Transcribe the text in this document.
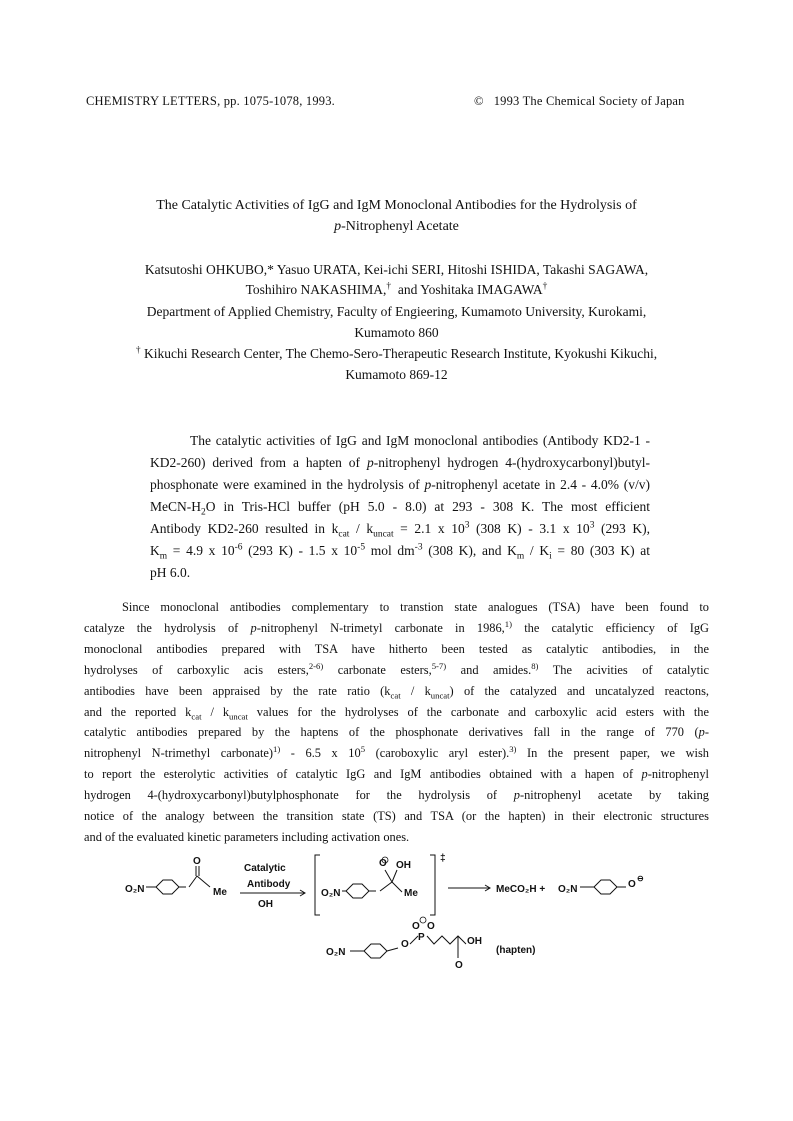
CHEMISTRY LETTERS, pp. 1075-1078, 1993.	© 1993 The Chemical Society of Japan
The Catalytic Activities of IgG and IgM Monoclonal Antibodies for the Hydrolysis of
p-Nitrophenyl Acetate
Katsutoshi OHKUBO,* Yasuo URATA, Kei-ichi SERI, Hitoshi ISHIDA, Takashi SAGAWA,
Toshihiro NAKASHIMA,† and Yoshitaka IMAGAWA†
Department of Applied Chemistry, Faculty of Engieering, Kumamoto University, Kurokami,
Kumamoto 860
† Kikuchi Research Center, The Chemo-Sero-Therapeutic Research Institute, Kyokushi Kikuchi,
Kumamoto 869-12
The catalytic activities of IgG and IgM monoclonal antibodies (Antibody KD2-1 -
KD2-260) derived from a hapten of p-nitrophenyl hydrogen 4-(hydroxycarbonyl)butyl-
phosphonate were examined in the hydrolysis of p-nitrophenyl acetate in 2.4 - 4.0% (v/v)
MeCN-$H_2O$ in Tris-HCl buffer (pH 5.0 - 8.0) at 293 - 308 K. The most efficient
Antibody KD2-260 resulted in $k_{cat} / k_{uncat} = 2.1$ x $10^3$ (308 K) - 3.1 x $10^3$ (293 K),
$K_m = 4.9$ x $10^{-6}$ (293 K) - 1.5 x $10^{-5}$ mol $dm^{-3}$ (308 K), and $K_m / K_i = 80$ (303 K) at
pH 6.0.
Since monoclonal antibodies complementary to transtion state analogues (TSA) have been found to
catalyze the hydrolysis of p-nitrophenyl N-trimetyl carbonate in 1986,$^{1)}$ the catalytic efficiency of IgG
monoclonal antibodies prepared with TSA have hitherto been tested as catalytic antibodies, in the
hydrolyses of carboxylic acis esters,$^{2-6)}$ carbonate esters,$^{5-7)}$ and amides.$^{8)}$ The acivities of catalytic
antibodies have been appraised by the rate ratio $(k_{cat} / k_{uncat})$ of the catalyzed and uncatalyzed reactons,
and the reported $k_{cat} / k_{uncat}$ values for the hydrolyses of the carbonate and carboxylic acid esters with the
catalytic antibodies prepared by the haptens of the phosphonate derivatives fall in the range of 770 (p-
nitrophenyl N-trimethyl carbonate)$^{1)}$ - 6.5 x $10^5$ (caroboxylic aryl ester).$^{3)}$ In the present paper, we wish
to report the esterolytic activities of catalytic IgG and IgM antibodies obtained with a hapen of p-nitrophenyl
hydrogen 4-(hydroxycarbonyl)butylphosphonate for the hydrolysis of p-nitrophenyl acetate by taking
notice of the analogy between the transition state (TS) and TSA (or the hapten) in their electronic structures
and of the evaluated kinetic parameters including activation ones.
O₂N
O
Me
Catalytic
Antibody
OH
O OH
O₂N	Me
‡
MeCO₂H + O₂N	O
⊖
O₂N
O
P
O O
OH
O
(hapten)
